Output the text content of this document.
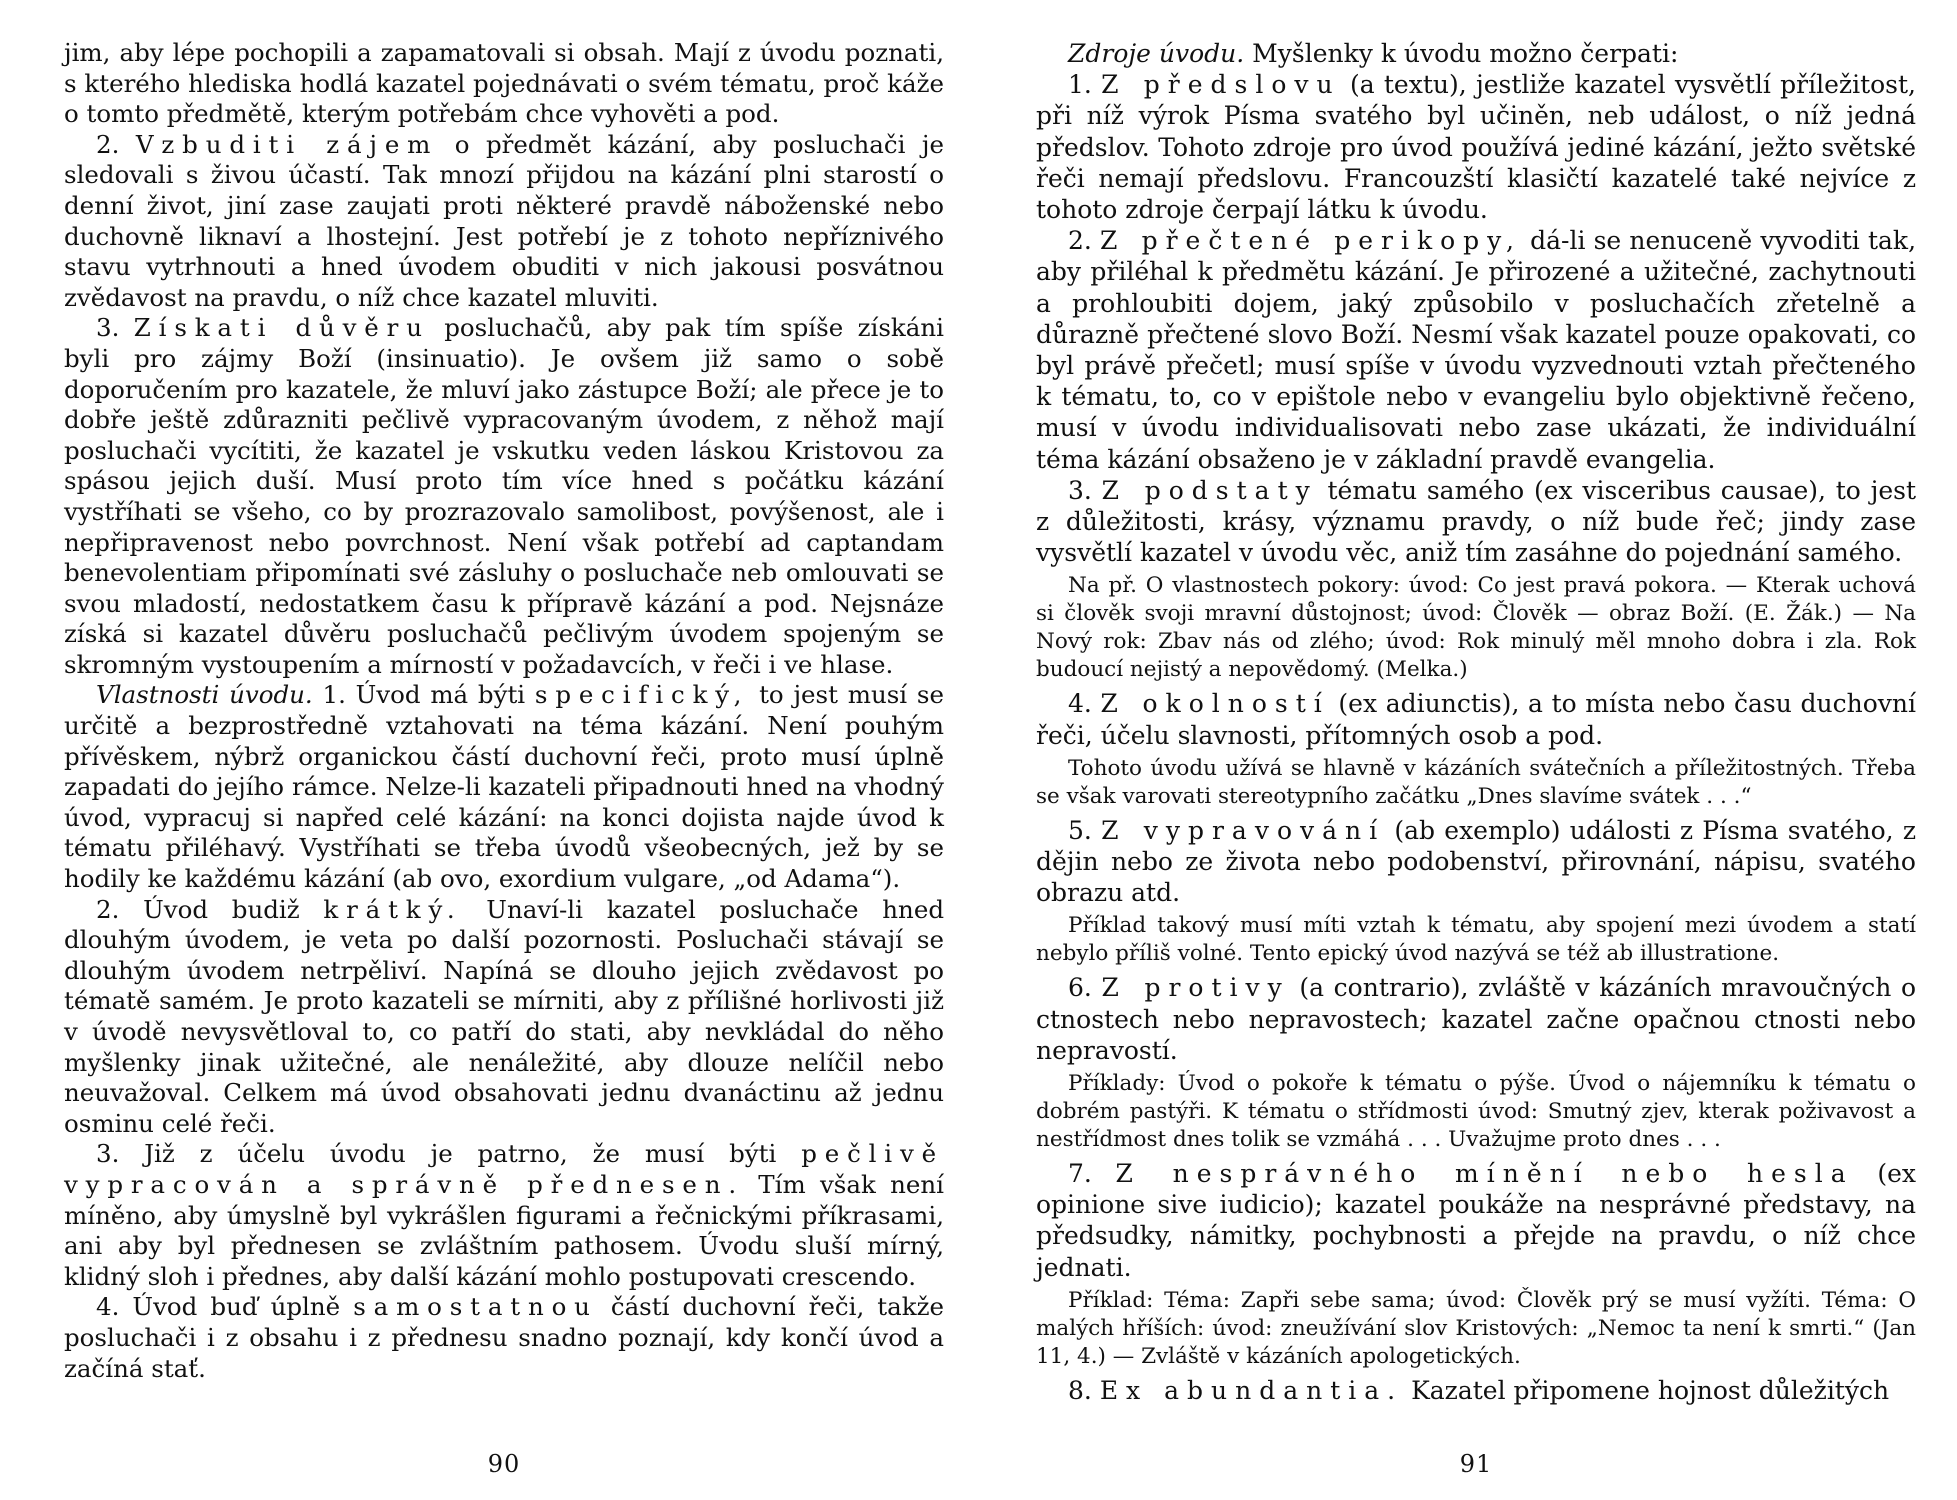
jim, aby lépe pochopili a zapamatovali si obsah. Mají z úvodu poznati, s kterého hlediska hodlá kazatel pojednávati o svém tématu, proč káže o tomto předmětě, kterým potřebám chce vyhověti a pod.

2. Vzbuditi zájem o předmět kázání, aby posluchači je sledovali s živou účastí. Tak mnozí přijdou na kázání plni starostí o denní život, jiní zase zaujati proti některé pravdě náboženské nebo duchovně liknaví a lhostejní. Jest potřebí je z tohoto nepříznivého stavu vytrhnouti a hned úvodem obuditi v nich jakousi posvátnou zvědavost na pravdu, o níž chce kazatel mluviti.

3. Získati důvěru posluchačů, aby pak tím spíše získáni byli pro zájmy Boží (insinuatio). Je ovšem již samo o sobě doporučením pro kazatele, že mluví jako zástupce Boží; ale přece je to dobře ještě zdůrazniti pečlivě vypracovaným úvodem, z něhož mají posluchači vycítiti, že kazatel je vskutku veden láskou Kristovou za spásou jejich duší. Musí proto tím více hned s počátku kázání vystříhati se všeho, co by prozrazovalo samolibost, povýšenost, ale i nepřipravenost nebo povrchnost. Není však potřebí ad captandam benevolentiam připomínati své zásluhy o posluchače neb omlouvati se svou mladostí, nedostatkem času k přípravě kázání a pod. Nejsnáze získá si kazatel důvěru posluchačů pečlivým úvodem spojeným se skromným vystoupením a mírností v požadavcích, v řeči i ve hlase.

Vlastnosti úvodu. 1. Úvod má býti specifický, to jest musí se určitě a bezprostředně vztahovati na téma kázání. Není pouhým přívěskem, nýbrž organickou částí duchovní řeči, proto musí úplně zapadati do jejího rámce. Nelze-li kazateli připadnouti hned na vhodný úvod, vypracuj si napřed celé kázání: na konci dojista najde úvod k tématu přiléhavý. Vystříhati se třeba úvodů všeobecných, jež by se hodily ke každému kázání (ab ovo, exordium vulgare, „od Adama“).

2. Úvod budiž krátký. Unaví-li kazatel posluchače hned dlouhým úvodem, je veta po další pozornosti. Posluchači stávají se dlouhým úvodem netrpěliví. Napíná se dlouho jejich zvědavost po tématě samém. Je proto kazateli se mírniti, aby z přílišné horlivosti již v úvodě nevysvětloval to, co patří do stati, aby nevkládal do něho myšlenky jinak užitečné, ale nenáležité, aby dlouze nelíčil nebo neuvažoval. Celkem má úvod obsahovati jednu dvanáctinu až jednu osminu celé řeči.

3. Již z účelu úvodu je patrno, že musí býti pečlivě vypracován a správně přednesen. Tím však není míněno, aby úmyslně byl vykrášlen figurami a řečnickými příkrasami, ani aby byl přednesen se zvláštním pathosem. Úvodu sluší mírný, klidný sloh i přednes, aby další kázání mohlo postupovati crescendo.

4. Úvod buď úplně samostatnou částí duchovní řeči, takže posluchači i z obsahu i z přednesu snadno poznají, kdy končí úvod a začíná stať.

90

Zdroje úvodu. Myšlenky k úvodu možno čerpati:

1. Z předslovu (a textu), jestliže kazatel vysvětlí příležitost, při níž výrok Písma svatého byl učiněn, neb událost, o níž jedná předslov. Tohoto zdroje pro úvod používá jediné kázání, ježto světské řeči nemají předslovu. Francouzští klasičtí kazatelé také nejvíce z tohoto zdroje čerpají látku k úvodu.

2. Z přečtené perikopy, dá-li se nenuceně vyvoditi tak, aby přiléhal k předmětu kázání. Je přirozené a užitečné, zachytnouti a prohloubiti dojem, jaký způsobilo v posluchačích zřetelně a důrazně přečtené slovo Boží. Nesmí však kazatel pouze opakovati, co byl právě přečetl; musí spíše v úvodu vyzvednouti vztah přečteného k tématu, to, co v epištole nebo v evangeliu bylo objektivně řečeno, musí v úvodu individualisovati nebo zase ukázati, že individuální téma kázání obsaženo je v základní pravdě evangelia.

3. Z podstaty tématu samého (ex visceribus causae), to jest z důležitosti, krásy, významu pravdy, o níž bude řeč; jindy zase vysvětlí kazatel v úvodu věc, aniž tím zasáhne do pojednání samého.

Na př. O vlastnostech pokory: úvod: Co jest pravá pokora. — Kterak uchová si člověk svoji mravní důstojnost; úvod: Člověk — obraz Boží. (E. Žák.) — Na Nový rok: Zbav nás od zlého; úvod: Rok minulý měl mnoho dobra i zla. Rok budoucí nejistý a nepovědomý. (Melka.)

4. Z okolností (ex adiunctis), a to místa nebo času duchovní řeči, účelu slavnosti, přítomných osob a pod.

Tohoto úvodu užívá se hlavně v kázáních svátečních a příležitostných. Třeba se však varovati stereotypního začátku „Dnes slavíme svátek . . .“

5. Z vypravování (ab exemplo) události z Písma svatého, z dějin nebo ze života nebo podobenství, přirovnání, nápisu, svatého obrazu atd.

Příklad takový musí míti vztah k tématu, aby spojení mezi úvodem a statí nebylo příliš volné. Tento epický úvod nazývá se též ab illustratione.

6. Z protivy (a contrario), zvláště v kázáních mravoučných o ctnostech nebo nepravostech; kazatel začne opačnou ctnosti nebo nepravostí.

Příklady: Úvod o pokoře k tématu o pýše. Úvod o nájemníku k tématu o dobrém pastýři. K tématu o střídmosti úvod: Smutný zjev, kterak poživavost a nestřídmost dnes tolik se vzmáhá . . . Uvažujme proto dnes . . .

7. Z nesprávného mínění nebo hesla (ex opinione sive iudicio); kazatel poukáže na nesprávné představy, na předsudky, námitky, pochybnosti a přejde na pravdu, o níž chce jednati.

Příklad: Téma: Zapři sebe sama; úvod: Člověk prý se musí vyžíti. Téma: O malých hříších: úvod: zneužívání slov Kristových: „Nemoc ta není k smrti.“ (Jan 11, 4.) — Zvláště v kázáních apologetických.

8. Ex abundantia. Kazatel připomene hojnost důležitých

91
